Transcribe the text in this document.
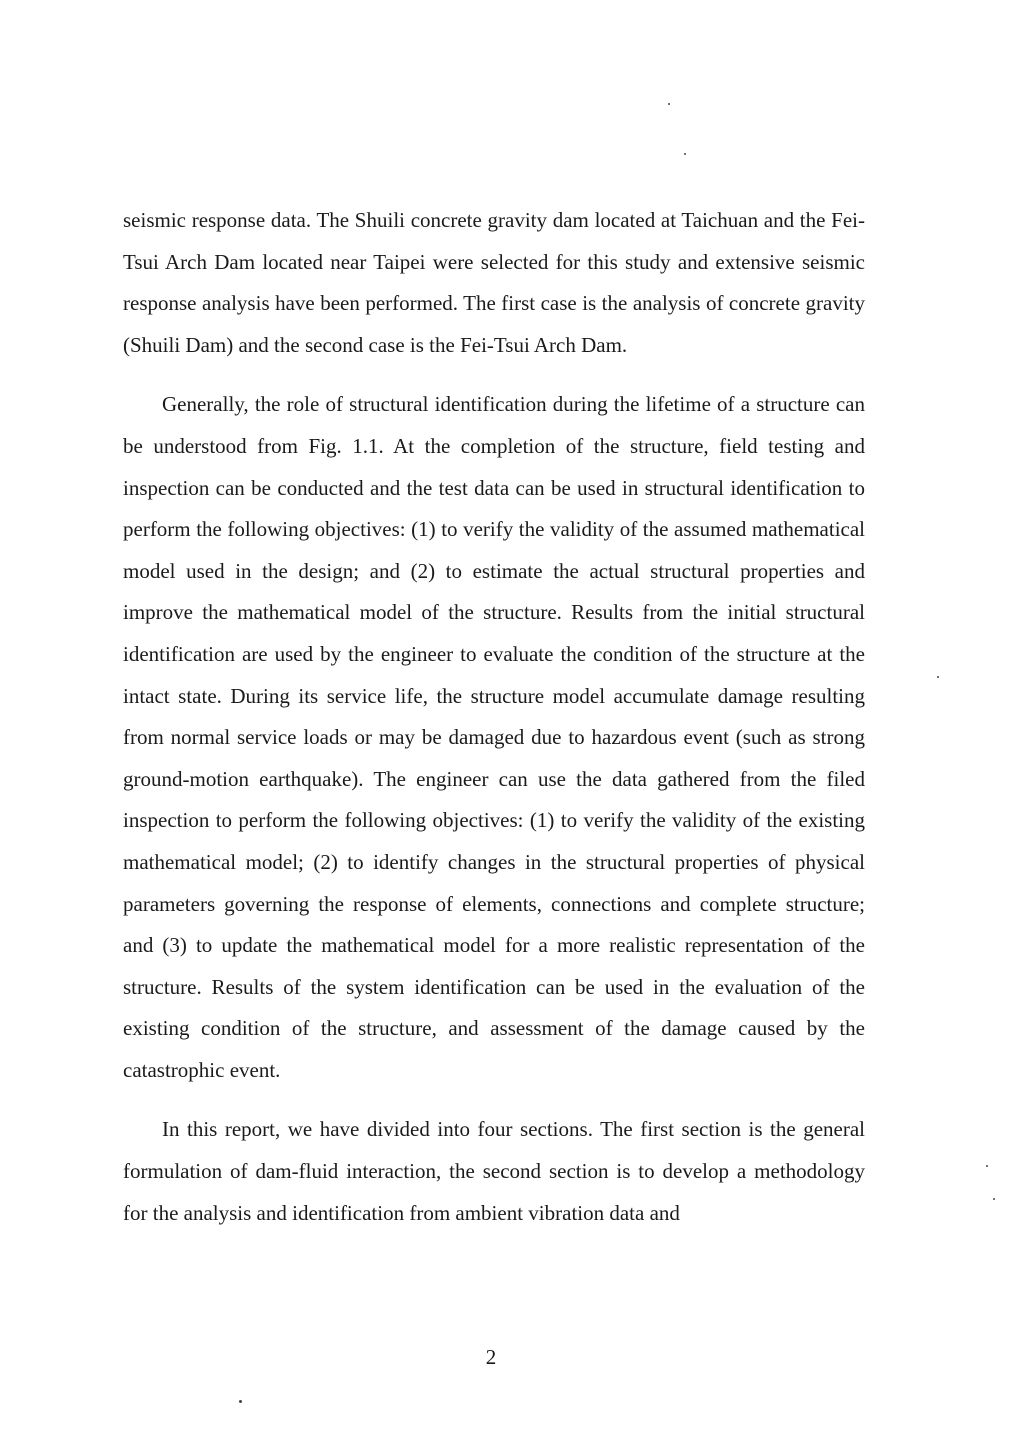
seismic response data. The Shuili concrete gravity dam located at Taichuan and the Fei-Tsui Arch Dam located near Taipei were selected for this study and extensive seismic response analysis have been performed. The first case is the analysis of concrete gravity (Shuili Dam) and the second case is the Fei-Tsui Arch Dam.

Generally, the role of structural identification during the lifetime of a structure can be understood from Fig. 1.1. At the completion of the structure, field testing and inspection can be conducted and the test data can be used in structural identification to perform the following objectives: (1) to verify the validity of the assumed mathematical model used in the design; and (2) to estimate the actual structural properties and improve the mathematical model of the structure. Results from the initial structural identification are used by the engineer to evaluate the condition of the structure at the intact state. During its service life, the structure model accumulate damage resulting from normal service loads or may be damaged due to hazardous event (such as strong ground-motion earthquake). The engineer can use the data gathered from the filed inspection to perform the following objectives: (1) to verify the validity of the existing mathematical model; (2) to identify changes in the structural properties of physical parameters governing the response of elements, connections and complete structure; and (3) to update the mathematical model for a more realistic representation of the structure. Results of the system identification can be used in the evaluation of the existing condition of the structure, and assessment of the damage caused by the catastrophic event.

In this report, we have divided into four sections. The first section is the general formulation of dam-fluid interaction, the second section is to develop a methodology for the analysis and identification from ambient vibration data and

2
